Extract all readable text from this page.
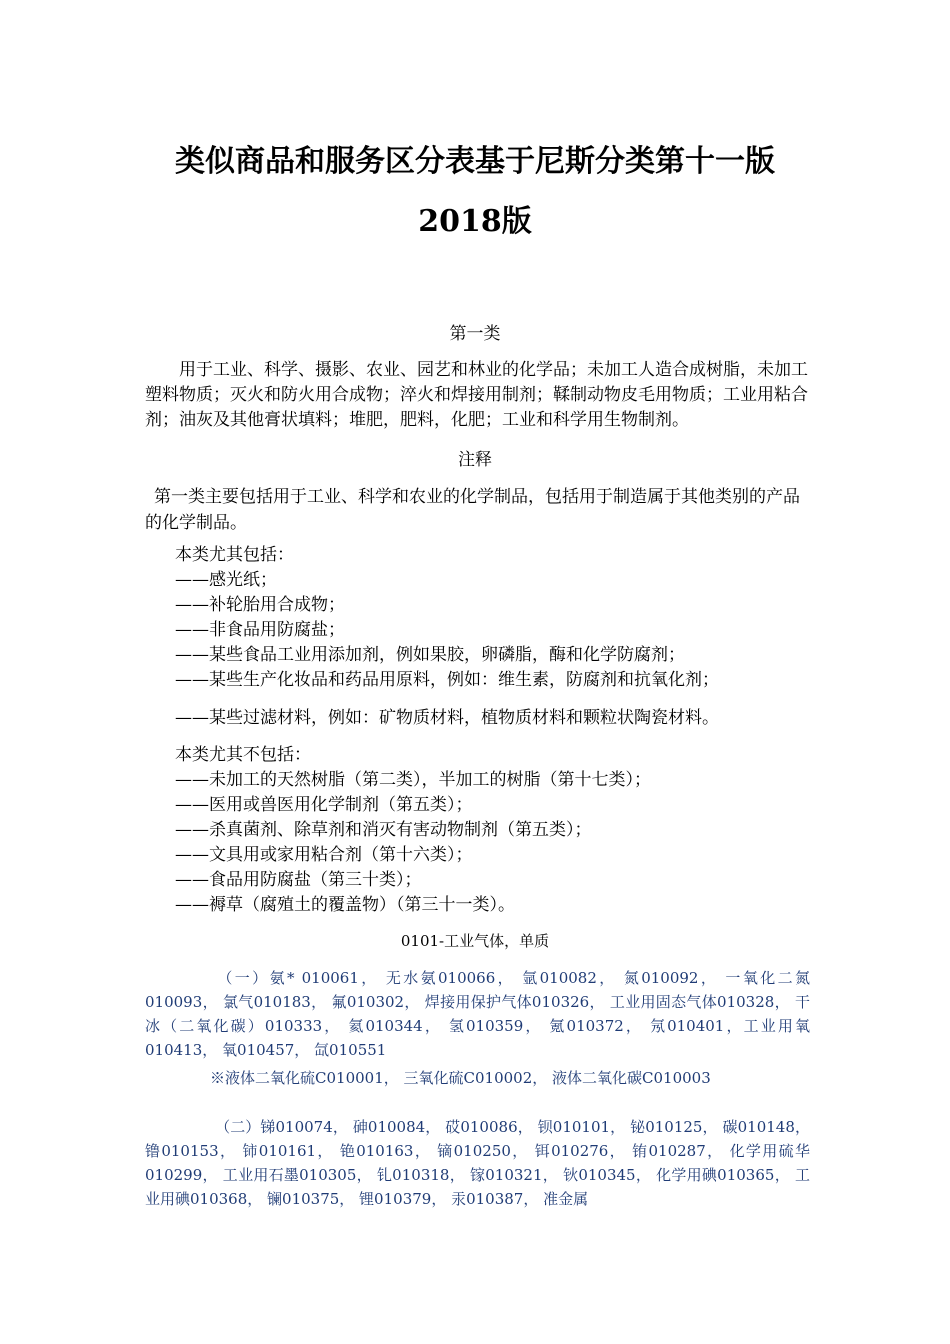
类似商品和服务区分表基于尼斯分类第十一版
2018版
第一类
用于工业、科学、摄影、农业、园艺和林业的化学品；未加工人造合成树脂，未加工塑料物质；灭火和防火用合成物；淬火和焊接用制剂；鞣制动物皮毛用物质；工业用粘合剂；油灰及其他膏状填料；堆肥，肥料，化肥；工业和科学用生物制剂。
注释
第一类主要包括用于工业、科学和农业的化学制品，包括用于制造属于其他类别的产品的化学制品。
本类尤其包括：
——感光纸；
——补轮胎用合成物；
——非食品用防腐盐；
——某些食品工业用添加剂，例如果胶，卵磷脂，酶和化学防腐剂；
——某些生产化妆品和药品用原料，例如：维生素，防腐剂和抗氧化剂；
——某些过滤材料，例如：矿物质材料，植物质材料和颗粒状陶瓷材料。
本类尤其不包括：
——未加工的天然树脂（第二类），半加工的树脂（第十七类）；
——医用或兽医用化学制剂（第五类）；
——杀真菌剂、除草剂和消灭有害动物制剂（第五类）；
——文具用或家用粘合剂（第十六类）；
——食品用防腐盐（第三十类）；
——褥草（腐殖土的覆盖物）（第三十一类）。
0101-工业气体，单质
（一）氨* 010061， 无水氨010066， 氩010082， 氮010092， 一氧化二氮010093， 氯气010183， 氟010302， 焊接用保护气体010326， 工业用固态气体010328， 干冰（二氧化碳）010333， 氦010344， 氢010359， 氪010372， 氖010401，工业用氧010413， 氧010457， 氙010551
※液体二氧化硫C010001， 三氧化硫C010002， 液体二氧化碳C010003
（二）锑010074， 砷010084， 砹010086， 钡010101， 铋010125， 碳010148， 镥010153， 铈010161， 铯010163， 镝010250， 铒010276， 铕010287， 化学用硫华010299， 工业用石墨010305， 钆010318， 镓010321， 钬010345， 化学用碘010365， 工业用碘010368， 镧010375， 锂010379， 汞010387， 准金属
